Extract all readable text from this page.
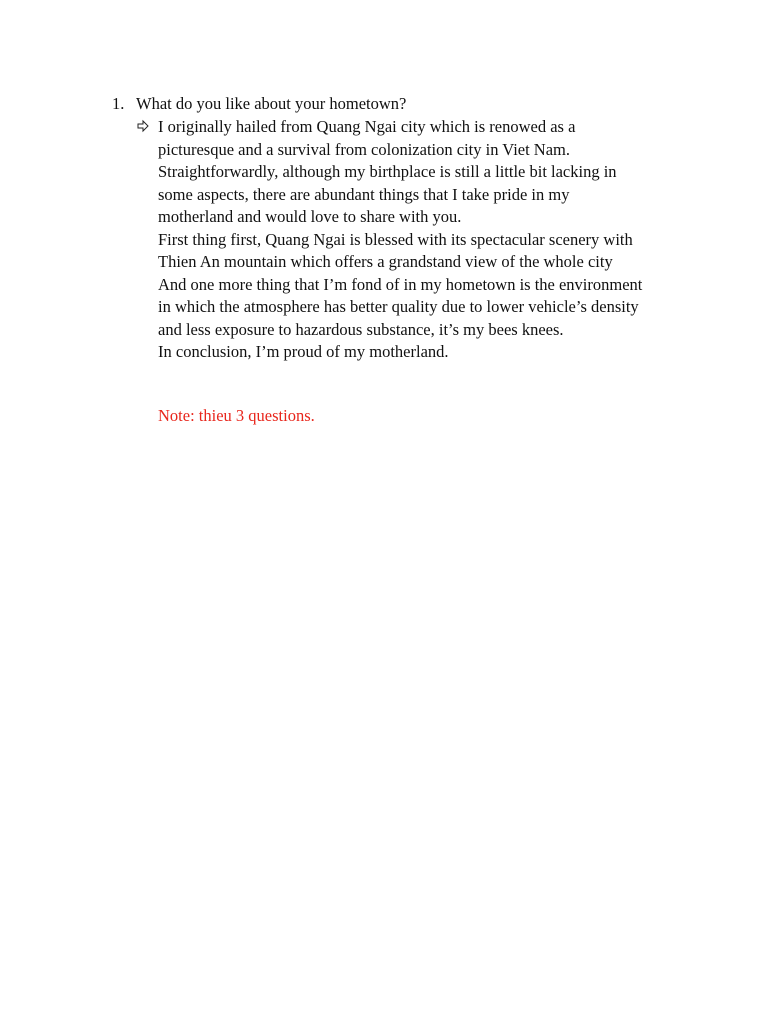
1. What do you like about your hometown?
I originally hailed from Quang Ngai city which is renowed as a
picturesque and a survival from colonization city in Viet Nam.
Straightforwardly, although my birthplace is still a little bit lacking in
some aspects, there are abundant things that I take pride in my
motherland and would love to share with you.
First thing first, Quang Ngai is blessed with its spectacular scenery with
Thien An mountain which offers a grandstand view of the whole city
And one more thing that I’m fond of in my hometown is the environment
in which the atmosphere has better quality due to lower vehicle’s density
and less exposure to hazardous substance, it’s my bees knees.
In conclusion, I’m proud of my motherland.
Note: thieu 3 questions.
